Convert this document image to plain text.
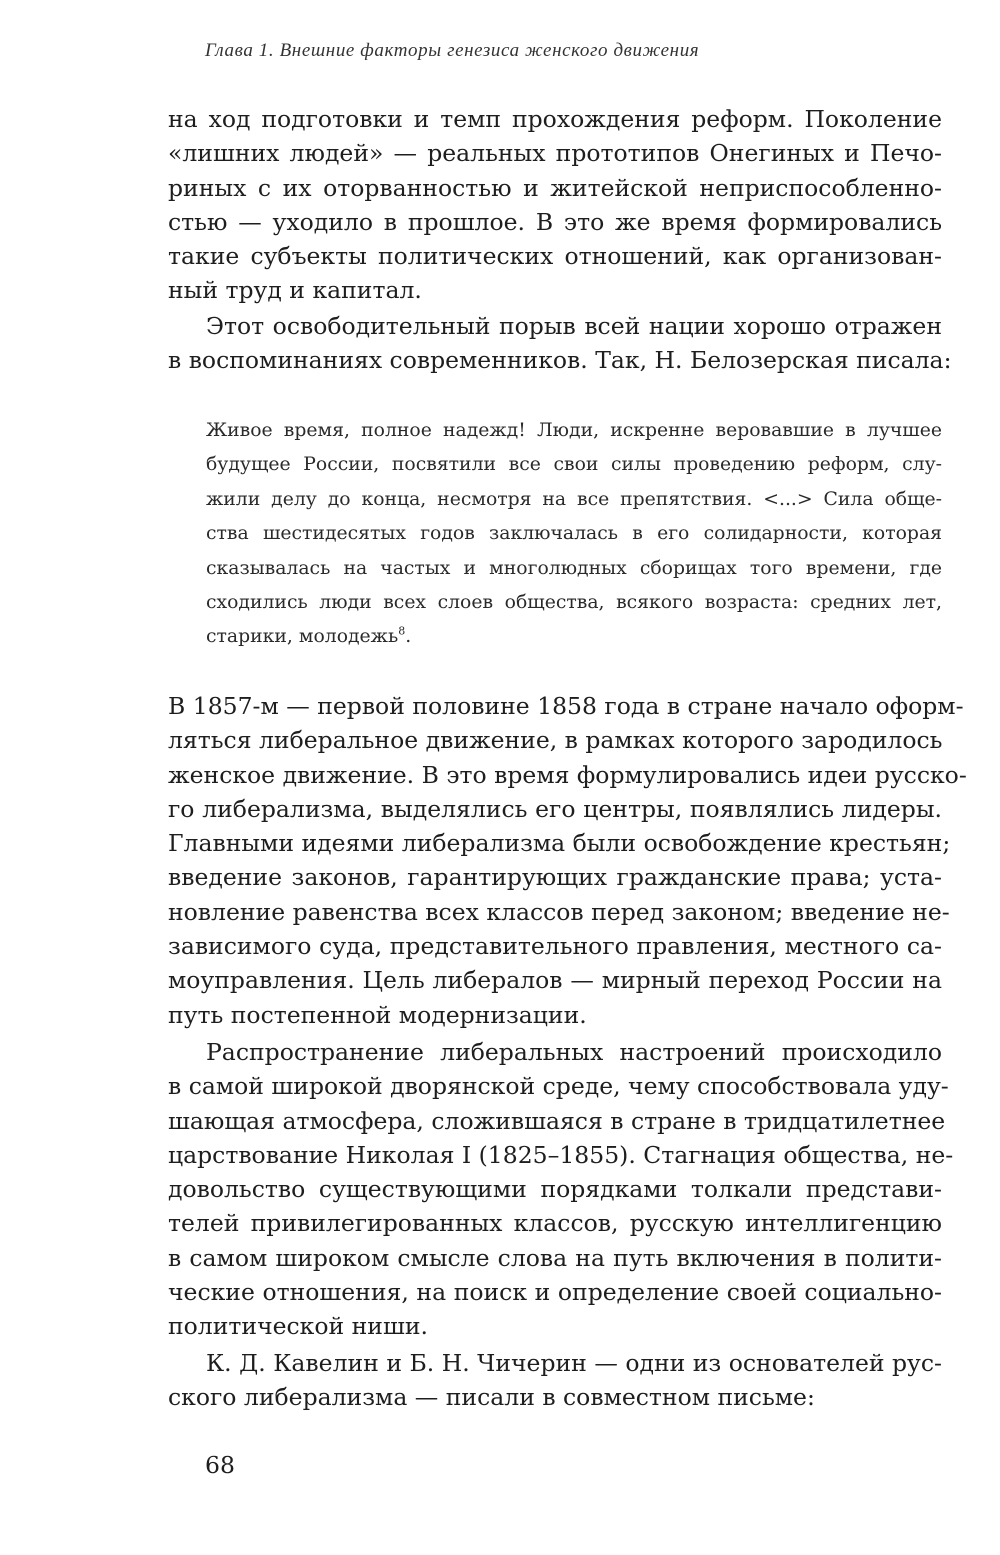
Глава 1. Внешние факторы генезиса женского движения
на ход подготовки и темп прохождения реформ. Поколение
«лишних людей» — реальных прототипов Онегиных и Печо-
риных с их оторванностью и житейской неприспособленно-
стью — уходило в прошлое. В это же время формировались
такие субъекты политических отношений, как организован-
ный труд и капитал.
Этот освободительный порыв всей нации хорошо отражен
в воспоминаниях современников. Так, Н. Белозерская писала:
Живое время, полное надежд! Люди, искренне веровавшие в лучшее
будущее России, посвятили все свои силы проведению реформ, слу-
жили делу до конца, несмотря на все препятствия. <...> Сила обще-
ства шестидесятых годов заключалась в его солидарности, которая
сказывалась на частых и многолюдных сборищах того времени, где
сходились люди всех слоев общества, всякого возраста: средних лет,
старики, молодежь$^8$.
В 1857-м — первой половине 1858 года в стране начало оформ-
ляться либеральное движение, в рамках которого зародилось
женское движение. В это время формулировались идеи русско-
го либерализма, выделялись его центры, появлялись лидеры.
Главными идеями либерализма были освобождение крестьян;
введение законов, гарантирующих гражданские права; уста-
новление равенства всех классов перед законом; введение не-
зависимого суда, представительного правления, местного са-
моуправления. Цель либералов — мирный переход России на
путь постепенной модернизации.
Распространение либеральных настроений происходило
в самой широкой дворянской среде, чему способствовала уду-
шающая атмосфера, сложившаяся в стране в тридцатилетнее
царствование Николая I (1825–1855). Стагнация общества, не-
довольство существующими порядками толкали представи-
телей привилегированных классов, русскую интеллигенцию
в самом широком смысле слова на путь включения в полити-
ческие отношения, на поиск и определение своей социально-
политической ниши.
К. Д. Кавелин и Б. Н. Чичерин — одни из основателей рус-
ского либерализма — писали в совместном письме:
68
